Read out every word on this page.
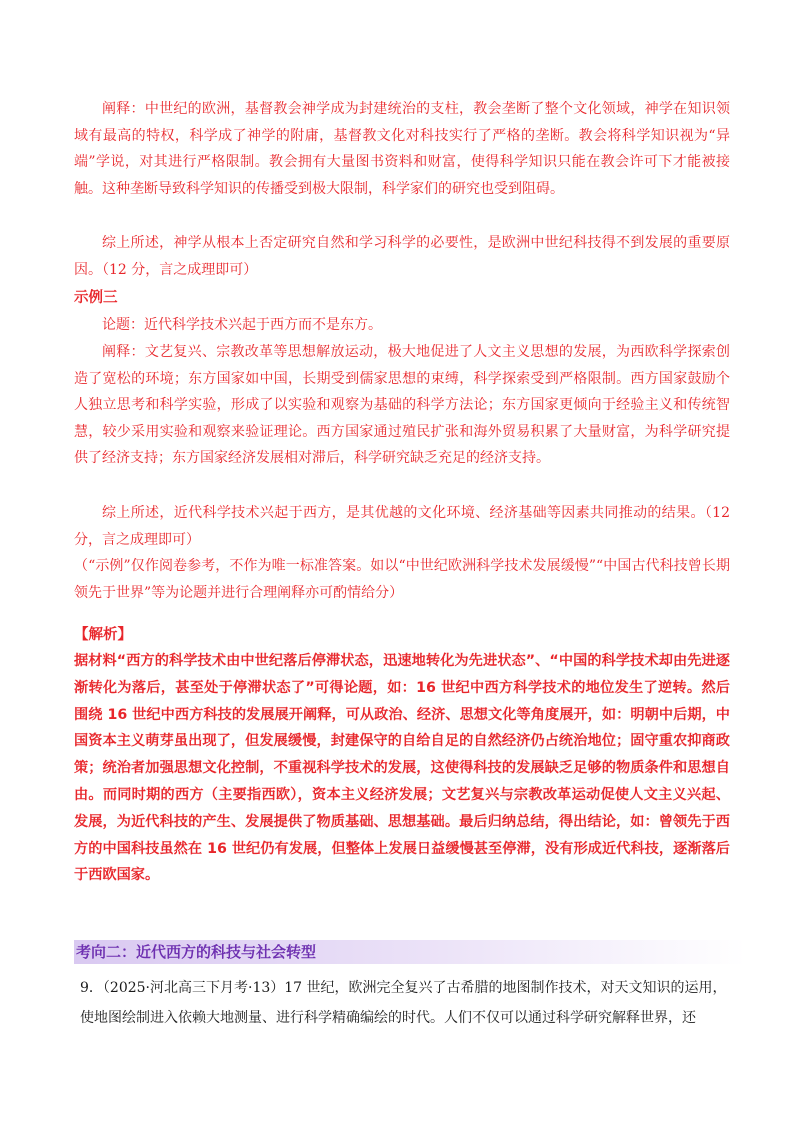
阐释：中世纪的欧洲，基督教会神学成为封建统治的支柱，教会垄断了整个文化领域，神学在知识领域有最高的特权，科学成了神学的附庸，基督教文化对科技实行了严格的垄断。教会将科学知识视为“异端”学说，对其进行严格限制。教会拥有大量图书资料和财富，使得科学知识只能在教会许可下才能被接触。这种垄断导致科学知识的传播受到极大限制，科学家们的研究也受到阻碍。

综上所述，神学从根本上否定研究自然和学习科学的必要性，是欧洲中世纪科技得不到发展的重要原因。（12 分，言之成理即可）

示例三

论题：近代科学技术兴起于西方而不是东方。

阐释：文艺复兴、宗教改革等思想解放运动，极大地促进了人文主义思想的发展，为西欧科学探索创造了宽松的环境；东方国家如中国，长期受到儒家思想的束缚，科学探索受到严格限制。西方国家鼓励个人独立思考和科学实验，形成了以实验和观察为基础的科学方法论；东方国家更倾向于经验主义和传统智慧，较少采用实验和观察来验证理论。西方国家通过殖民扩张和海外贸易积累了大量财富，为科学研究提供了经济支持；东方国家经济发展相对滞后，科学研究缺乏充足的经济支持。

综上所述，近代科学技术兴起于西方，是其优越的文化环境、经济基础等因素共同推动的结果。（12 分，言之成理即可）

（“示例”仅作阅卷参考，不作为唯一标准答案。如以“中世纪欧洲科学技术发展缓慢”“中国古代科技曾长期领先于世界”等为论题并进行合理阐释亦可酌情给分）

【解析】

据材料“西方的科学技术由中世纪落后停滞状态，迅速地转化为先进状态”、“中国的科学技术却由先进逐渐转化为落后，甚至处于停滞状态了”可得论题，如：16 世纪中西方科学技术的地位发生了逆转。然后围绕 16 世纪中西方科技的发展展开阐释，可从政治、经济、思想文化等角度展开，如：明朝中后期，中国资本主义萌芽虽出现了，但发展缓慢，封建保守的自给自足的自然经济仍占统治地位；固守重农抑商政策；统治者加强思想文化控制，不重视科学技术的发展，这使得科技的发展缺乏足够的物质条件和思想自由。而同时期的西方（主要指西欧），资本主义经济发展；文艺复兴与宗教改革运动促使人文主义兴起、发展，为近代科技的产生、发展提供了物质基础、思想基础。最后归纳总结，得出结论，如：曾领先于西方的中国科技虽然在 16 世纪仍有发展，但整体上发展日益缓慢甚至停滞，没有形成近代科技，逐渐落后于西欧国家。

考向二：近代西方的科技与社会转型
9．（2025·河北高三下月考·13）17 世纪，欧洲完全复兴了古希腊的地图制作技术，对天文知识的运用，使地图绘制进入依赖大地测量、进行科学精确编绘的时代。人们不仅可以通过科学研究解释世界，还
